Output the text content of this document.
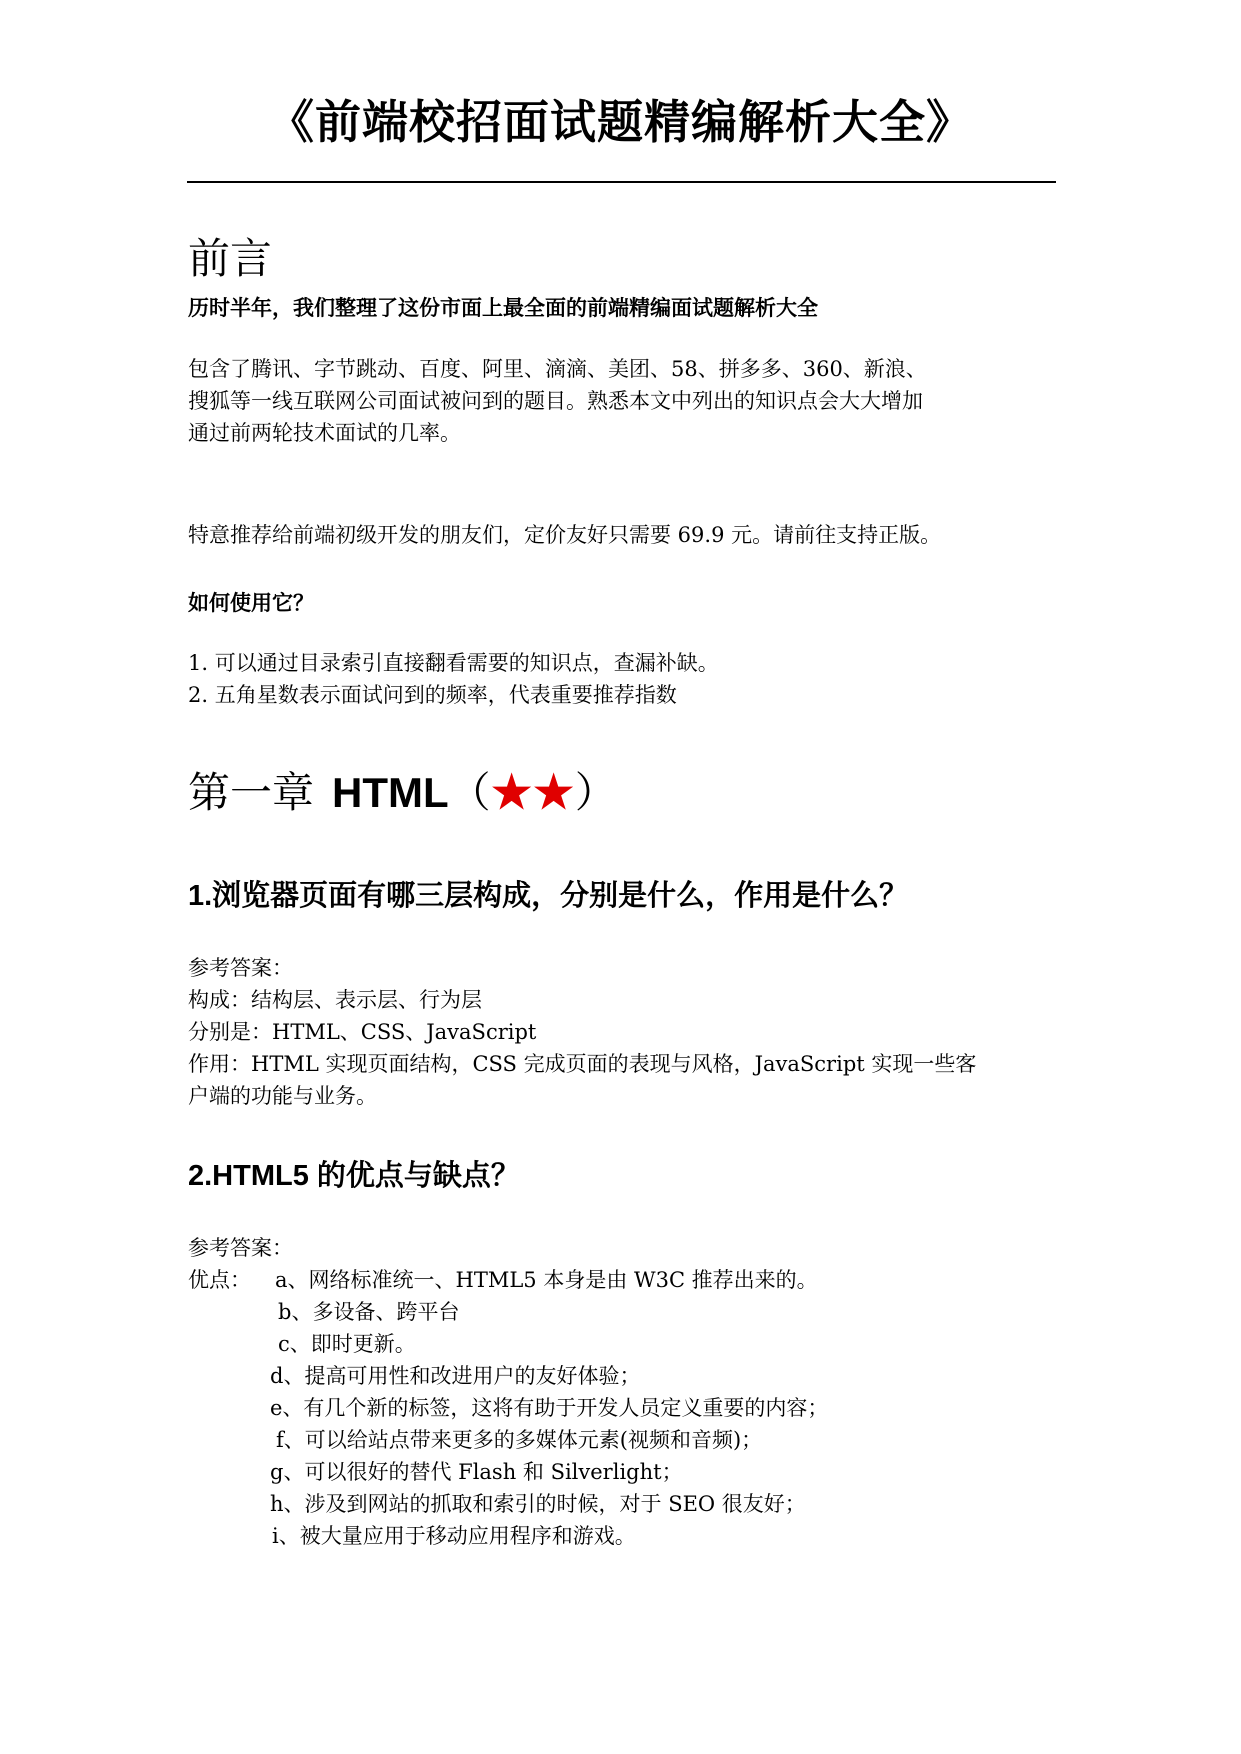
《前端校招面试题精编解析大全》
前言
历时半年，我们整理了这份市面上最全面的前端精编面试题解析大全
包含了腾讯、字节跳动、百度、阿里、滴滴、美团、58、拼多多、360、新浪、
搜狐等一线互联网公司面试被问到的题目。熟悉本文中列出的知识点会大大增加
通过前两轮技术面试的几率。
特意推荐给前端初级开发的朋友们，定价友好只需要 69.9 元。请前往支持正版。
如何使用它？
1. 可以通过目录索引直接翻看需要的知识点，查漏补缺。
2. 五角星数表示面试问到的频率，代表重要推荐指数
第一章 HTML（★★）
1.浏览器页面有哪三层构成，分别是什么，作用是什么？
参考答案：
构成：结构层、表示层、行为层
分别是：HTML、CSS、JavaScript
作用：HTML 实现页面结构，CSS 完成页面的表现与风格，JavaScript 实现一些客
户端的功能与业务。
2.HTML5 的优点与缺点？
参考答案：
优点： a、网络标准统一、HTML5 本身是由 W3C 推荐出来的。
b、多设备、跨平台
c、即时更新。
d、提高可用性和改进用户的友好体验；
e、有几个新的标签，这将有助于开发人员定义重要的内容；
f、可以给站点带来更多的多媒体元素(视频和音频)；
g、可以很好的替代 Flash 和 Silverlight；
h、涉及到网站的抓取和索引的时候，对于 SEO 很友好；
i、被大量应用于移动应用程序和游戏。
